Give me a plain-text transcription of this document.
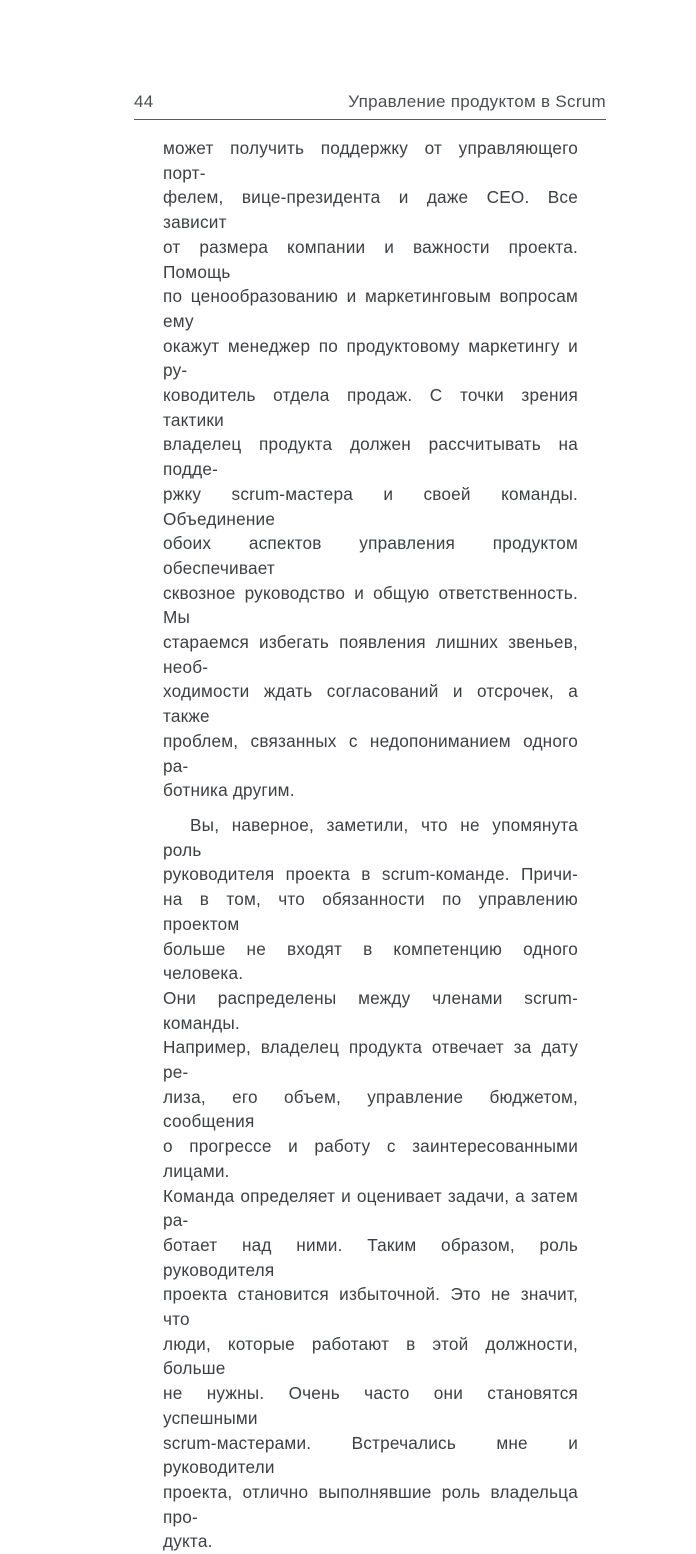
44	Управление продуктом в Scrum

может получить поддержку от управляющего порт-
фелем, вице-президента и даже CEO. Все зависит
от размера компании и важности проекта. Помощь
по ценообразованию и маркетинговым вопросам ему
окажут менеджер по продуктовому маркетингу и ру-
ководитель отдела продаж. С точки зрения тактики
владелец продукта должен рассчитывать на подде-
ржку scrum-мастера и своей команды. Объединение
обоих аспектов управления продуктом обеспечивает
сквозное руководство и общую ответственность. Мы
стараемся избегать появления лишних звеньев, необ-
ходимости ждать согласований и отсрочек, а также
проблем, связанных с недопониманием одного ра-
ботника другим.

Вы, наверное, заметили, что не упомянута роль
руководителя проекта в scrum-команде. Причи-
на в том, что обязанности по управлению проектом
больше не входят в компетенцию одного человека.
Они распределены между членами scrum-команды.
Например, владелец продукта отвечает за дату ре-
лиза, его объем, управление бюджетом, сообщения
о прогрессе и работу с заинтересованными лицами.
Команда определяет и оценивает задачи, а затем ра-
ботает над ними. Таким образом, роль руководителя
проекта становится избыточной. Это не значит, что
люди, которые работают в этой должности, больше
не нужны. Очень часто они становятся успешными
scrum-мастерами. Встречались мне и руководители
проекта, отлично выполнявшие роль владельца про-
дукта.
